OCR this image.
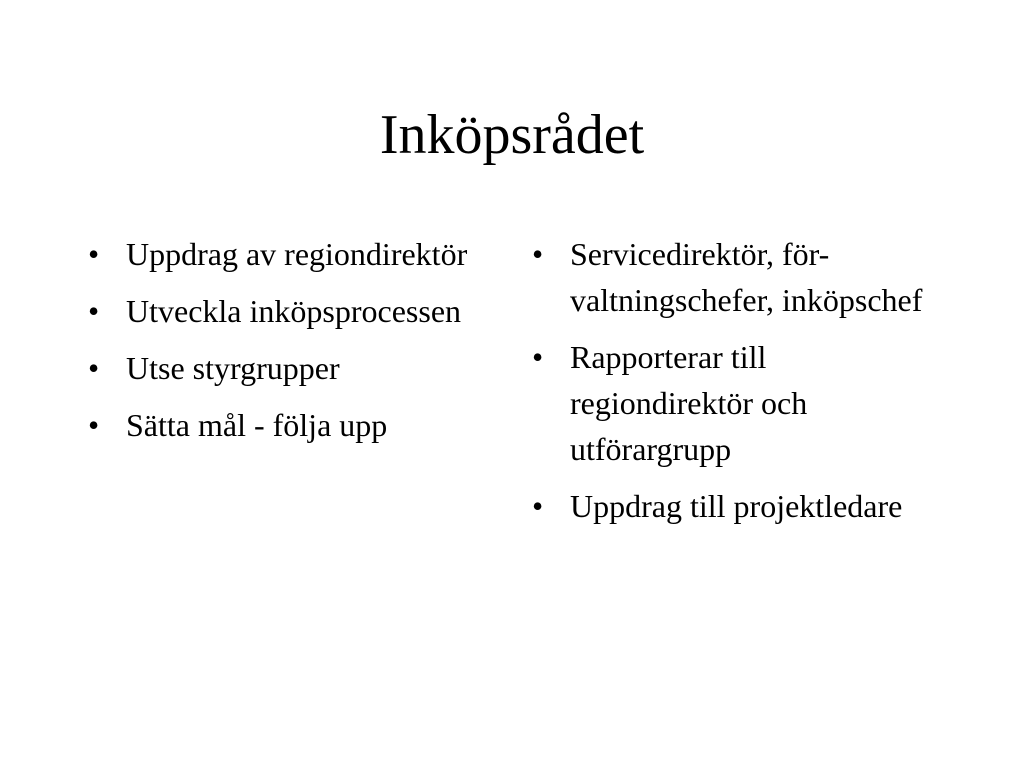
Inköpsrådet
• Uppdrag av regiondirektör
• Utveckla inköpsprocessen
• Utse styrgrupper
• Sätta mål - följa upp
• Servicedirektör, för-valtningschefer, inköpschef
• Rapporterar till regiondirektör och utförargrupp
• Uppdrag till projektledare
